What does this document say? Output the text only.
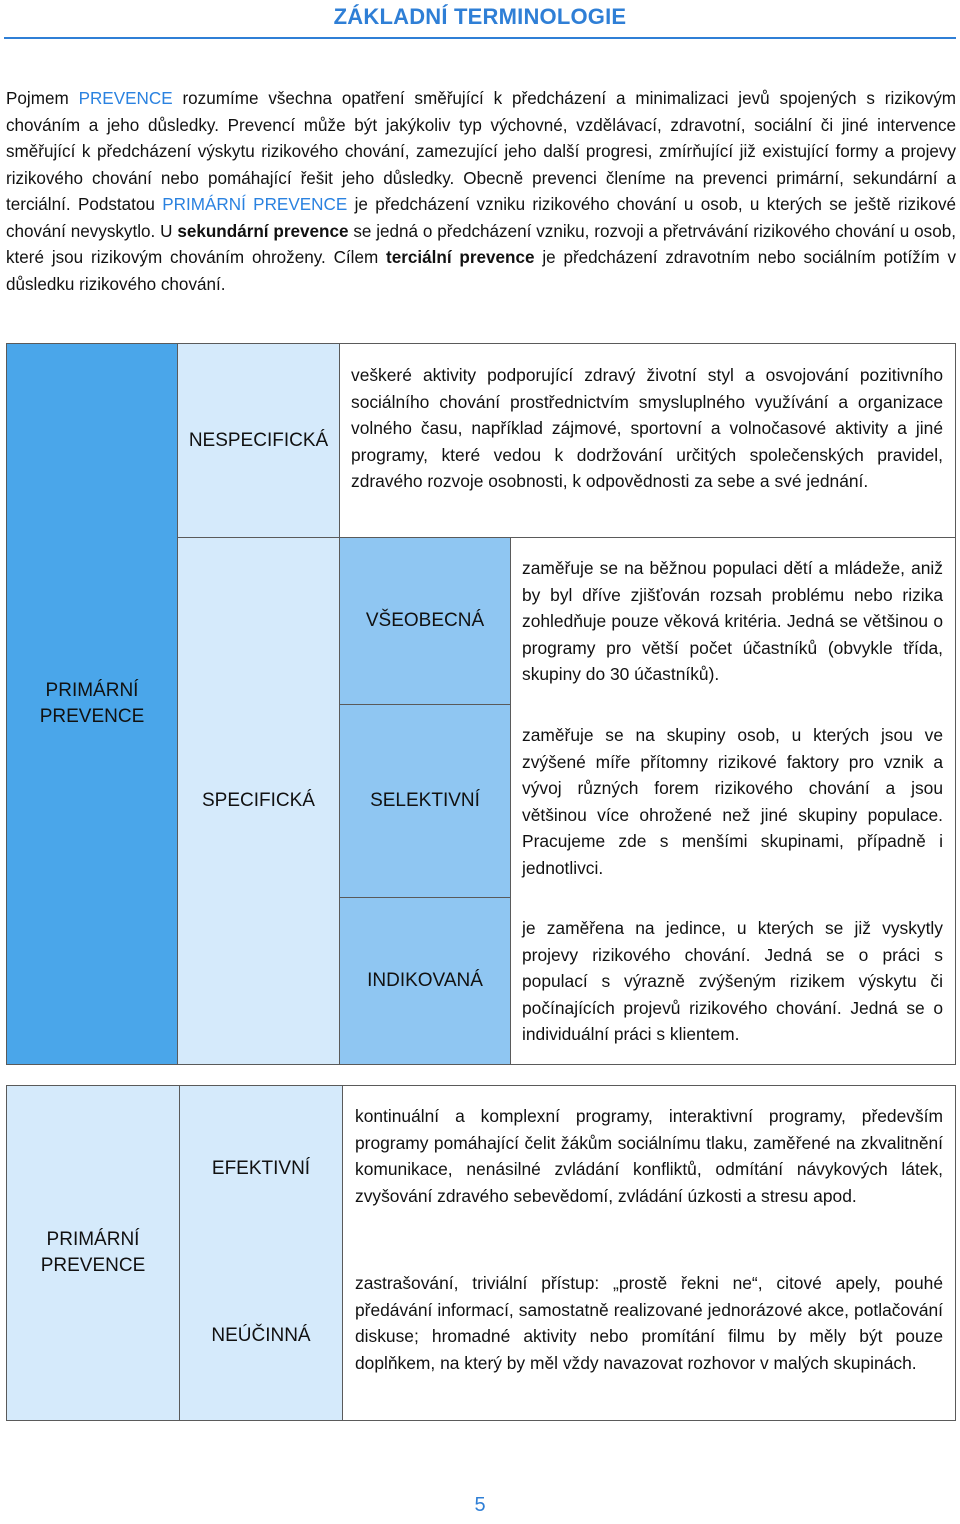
ZÁKLADNÍ TERMINOLOGIE

Pojmem PREVENCE rozumíme všechna opatření směřující k předcházení a minimalizaci jevů spojených s rizikovým chováním a jeho důsledky. Prevencí může být jakýkoliv typ výchovné, vzdělávací, zdravotní, sociální či jiné intervence směřující k předcházení výskytu rizikového chování, zamezující jeho další progresi, zmírňující již existující formy a projevy rizikového chování nebo pomáhající řešit jeho důsledky. Obecně prevenci členíme na prevenci primární, sekundární a terciální. Podstatou PRIMÁRNÍ PREVENCE je předcházení vzniku rizikového chování u osob, u kterých se ještě rizikové chování nevyskytlo. U sekundární prevence se jedná o předcházení vzniku, rozvoji a přetrvávání rizikového chování u osob, které jsou rizikovým chováním ohroženy. Cílem terciální prevence je předcházení zdravotním nebo sociálním potížím v důsledku rizikového chování.

PRIMÁRNÍ PREVENCE
NESPECIFICKÁ
veškeré aktivity podporující zdravý životní styl a osvojování pozitivního sociálního chování prostřednictvím smysluplného využívání a organizace volného času, například zájmové, sportovní a volnočasové aktivity a jiné programy, které vedou k dodržování určitých společenských pravidel, zdravého rozvoje osobnosti, k odpovědnosti za sebe a své jednání.
SPECIFICKÁ
VŠEOBECNÁ
SELEKTIVNÍ
INDIKOVANÁ
zaměřuje se na běžnou populaci dětí a mládeže, aniž by byl dříve zjišťován rozsah problému nebo rizika zohledňuje pouze věková kritéria. Jedná se většinou o programy pro větší počet účastníků (obvykle třída, skupiny do 30 účastníků).
zaměřuje se na skupiny osob, u kterých jsou ve zvýšené míře přítomny rizikové faktory pro vznik a vývoj různých forem rizikového chování a jsou většinou více ohrožené než jiné skupiny populace. Pracujeme zde s menšími skupinami, případně i jednotlivci.
je zaměřena na jedince, u kterých se již vyskytly projevy rizikového chování. Jedná se o práci s populací s výrazně zvýšeným rizikem výskytu či počínajících projevů rizikového chování. Jedná se o individuální práci s klientem.
PRIMÁRNÍ PREVENCE
EFEKTIVNÍ
NEÚČINNÁ
kontinuální a komplexní programy, interaktivní programy, především programy pomáhající čelit žákům sociálnímu tlaku, zaměřené na zkvalitnění komunikace, nenásilné zvládání konfliktů, odmítání návykových látek, zvyšování zdravého sebevědomí, zvládání úzkosti a stresu apod.
zastrašování, triviální přístup: „prostě řekni ne“, citové apely, pouhé předávání informací, samostatně realizované jednorázové akce, potlačování diskuse; hromadné aktivity nebo promítání filmu by měly být pouze doplňkem, na který by měl vždy navazovat rozhovor v malých skupinách.
5
